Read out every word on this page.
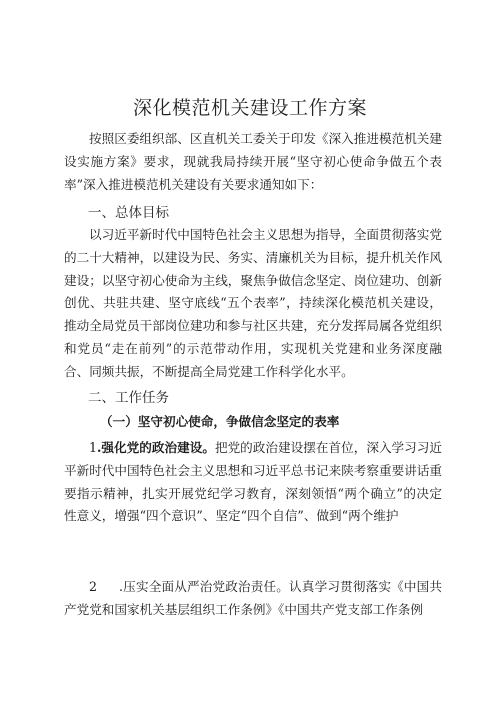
深化模范机关建设工作方案

按照区委组织部、区直机关工委关于印发《深入推进模范机关建设实施方案》要求，现就我局持续开展“坚守初心使命争做五个表率”深入推进模范机关建设有关要求通知如下：

一、总体目标

以习近平新时代中国特色社会主义思想为指导，全面贯彻落实党的二十大精神，以建设为民、务实、清廉机关为目标，提升机关作风建设；以坚守初心使命为主线，聚焦争做信念坚定、岗位建功、创新创优、共驻共建、坚守底线“五个表率”，持续深化模范机关建设，推动全局党员干部岗位建功和参与社区共建，充分发挥局属各党组织和党员“走在前列”的示范带动作用，实现机关党建和业务深度融合、同频共振，不断提高全局党建工作科学化水平。

二、工作任务
（一）坚守初心使命，争做信念坚定的表率

1.强化党的政治建设。把党的政治建设摆在首位，深入学习习近平新时代中国特色社会主义思想和习近平总书记来陕考察重要讲话重要指示精神，扎实开展党纪学习教育，深刻领悟“两个确立”的决定性意义，增强“四个意识”、坚定“四个自信”、做到“两个维护

2 .压实全面从严治党政治责任。认真学习贯彻落实《中国共产党党和国家机关基层组织工作条例》《中国共产党支部工作条例
